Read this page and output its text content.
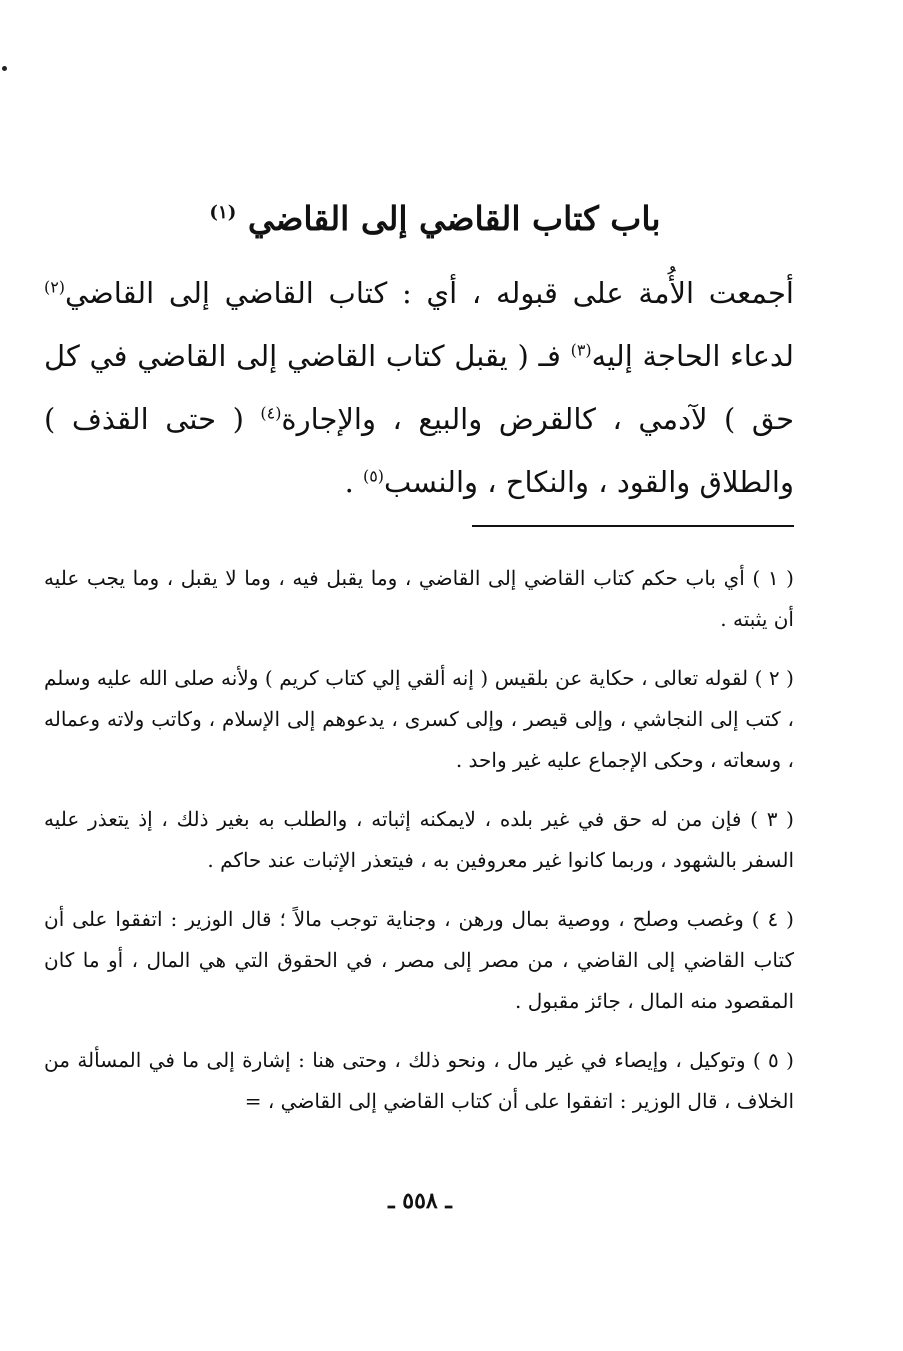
باب كتاب القاضي إلى القاضي $^{(١)}$

أجمعت الأُمة على قبوله ، أي : كتاب القاضي إلى القاضي$^{(٢)}$ لدعاء الحاجة إليه$^{(٣)}$ فـ ( يقبل كتاب القاضي إلى القاضي في كل حق ) لآدمي ، كالقرض والبيع ، والإجارة$^{(٤)}$ ( حتى القذف ) والطلاق والقود ، والنكاح ، والنسب$^{(٥)}$ .

( ١ ) أي باب حكم كتاب القاضي إلى القاضي ، وما يقبل فيه ، وما لا يقبل ، وما يجب عليه أن يثبته .

( ٢ ) لقوله تعالى ، حكاية عن بلقيس ( إنه ألقي إلي كتاب كريم ) ولأنه صلى الله عليه وسلم ، كتب إلى النجاشي ، وإلى قيصر ، وإلى كسرى ، يدعوهم إلى الإسلام ، وكاتب ولاته وعماله ، وسعاته ، وحكى الإجماع عليه غير واحد .

( ٣ ) فإن من له حق في غير بلده ، لايمكنه إثباته ، والطلب به بغير ذلك ، إذ يتعذر عليه السفر بالشهود ، وربما كانوا غير معروفين به ، فيتعذر الإثبات عند حاكم .

( ٤ ) وغصب وصلح ، ووصية بمال ورهن ، وجناية توجب مالاً ؛ قال الوزير : اتفقوا على أن كتاب القاضي إلى القاضي ، من مصر إلى مصر ، في الحقوق التي هي المال ، أو ما كان المقصود منه المال ، جائز مقبول .

( ٥ ) وتوكيل ، وإيصاء في غير مال ، ونحو ذلك ، وحتى هنا : إشارة إلى ما في المسألة من الخلاف ، قال الوزير : اتفقوا على أن كتاب القاضي إلى القاضي ، =

ـ ٥٥٨ ـ
